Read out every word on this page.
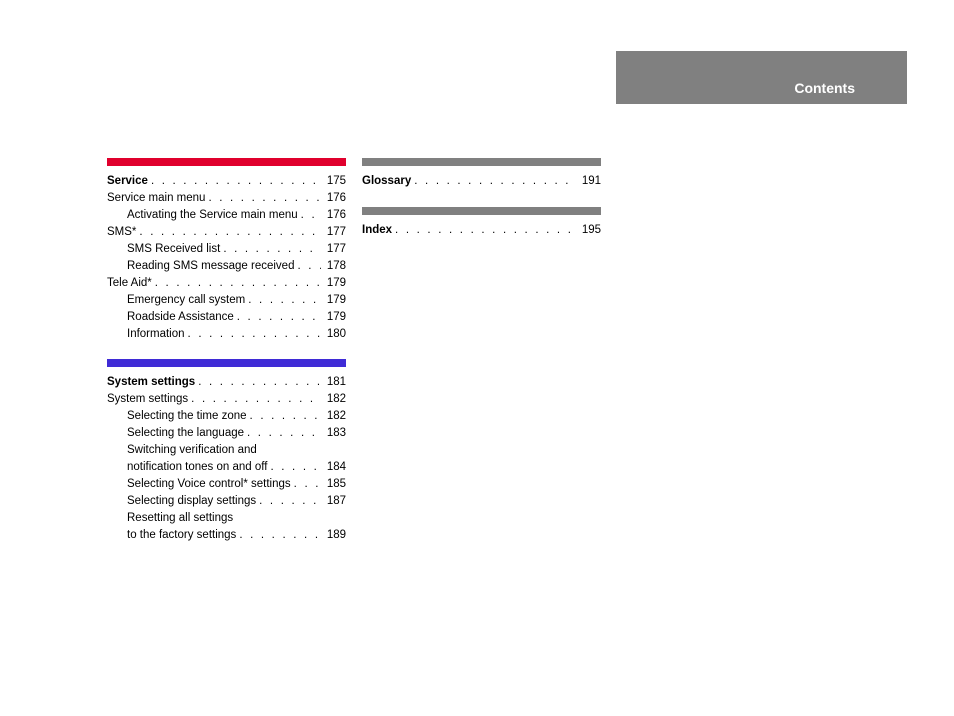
Contents
Service . . .	175
Service main menu . . .	176
Activating the Service main menu . . .	176
SMS* . . .	177
SMS Received list . . .	177
Reading SMS message received . . .	178
Tele Aid* . . .	179
Emergency call system . . .	179
Roadside Assistance . . .	179
Information . . .	180
System settings . . .	181
System settings . . .	182
Selecting the time zone . . .	182
Selecting the language . . .	183
Switching verification and
notification tones on and off . . .	184
Selecting Voice control* settings . . .	185
Selecting display settings . . .	187
Resetting all settings
to the factory settings . . .	189
Glossary . . .	191
Index . . .	195
